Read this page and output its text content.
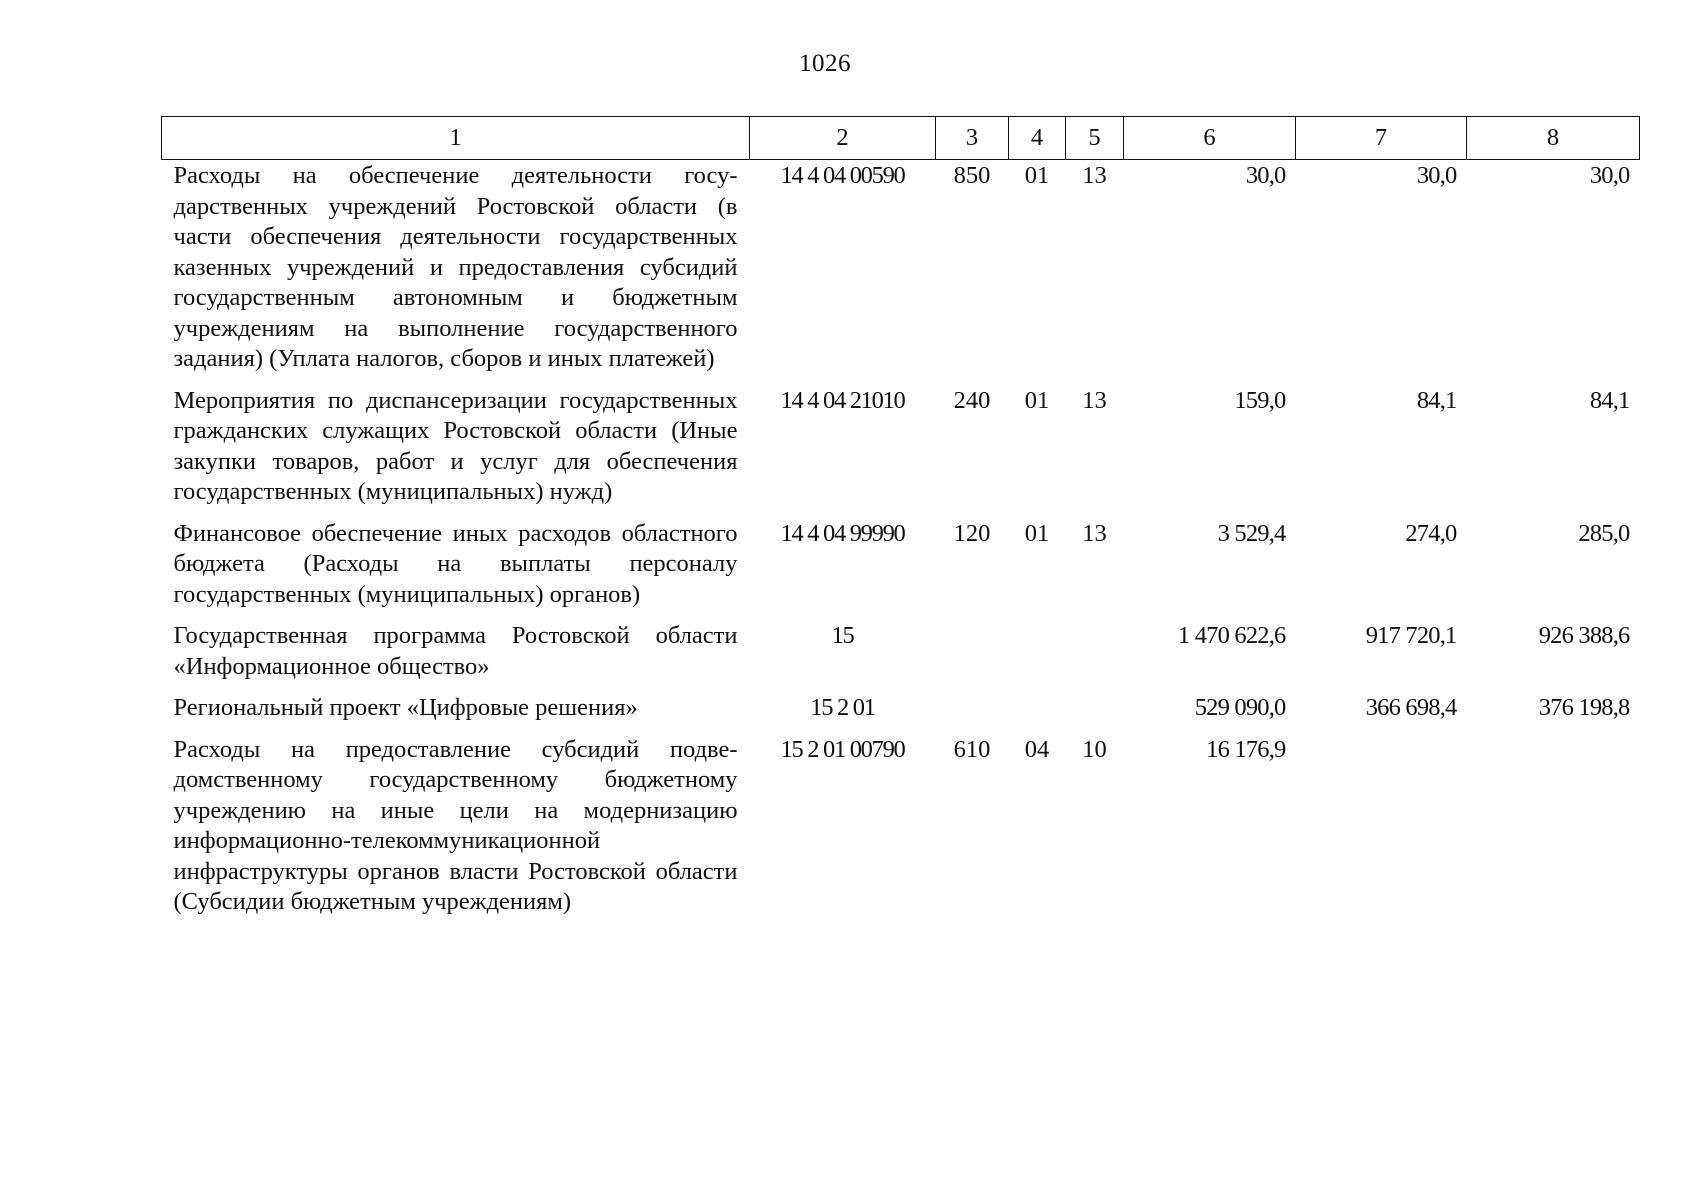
1026
1	2	3	4	5	6	7	8
Расходы на обеспечение деятельности государственных учреждений Ростовской области (в части обеспечения деятельности государственных казенных учреждений и предоставления субсидий государственным автономным и бюджетным учреждениям на выполнение государственного задания) (Уплата налогов, сборов и иных платежей)	14 4 04 00590	850	01	13	30,0	30,0	30,0
Мероприятия по диспансеризации государственных гражданских служащих Ростовской области (Иные закупки товаров, работ и услуг для обеспечения государственных (муниципальных) нужд)	14 4 04 21010	240	01	13	159,0	84,1	84,1
Финансовое обеспечение иных расходов областного бюджета (Расходы на выплаты персоналу государственных (муниципальных) органов)	14 4 04 99990	120	01	13	3 529,4	274,0	285,0
Государственная программа Ростовской области «Информационное общество»	15				1 470 622,6	917 720,1	926 388,6
Региональный проект «Цифровые решения»	15 2 01				529 090,0	366 698,4	376 198,8
Расходы на предоставление субсидий подведомственному государственному бюджетному учреждению на иные цели на модернизацию информационно-телекоммуникационной инфраструктуры органов власти Ростовской области (Субсидии бюджетным учреждениям)	15 2 01 00790	610	04	10	16 176,9		
